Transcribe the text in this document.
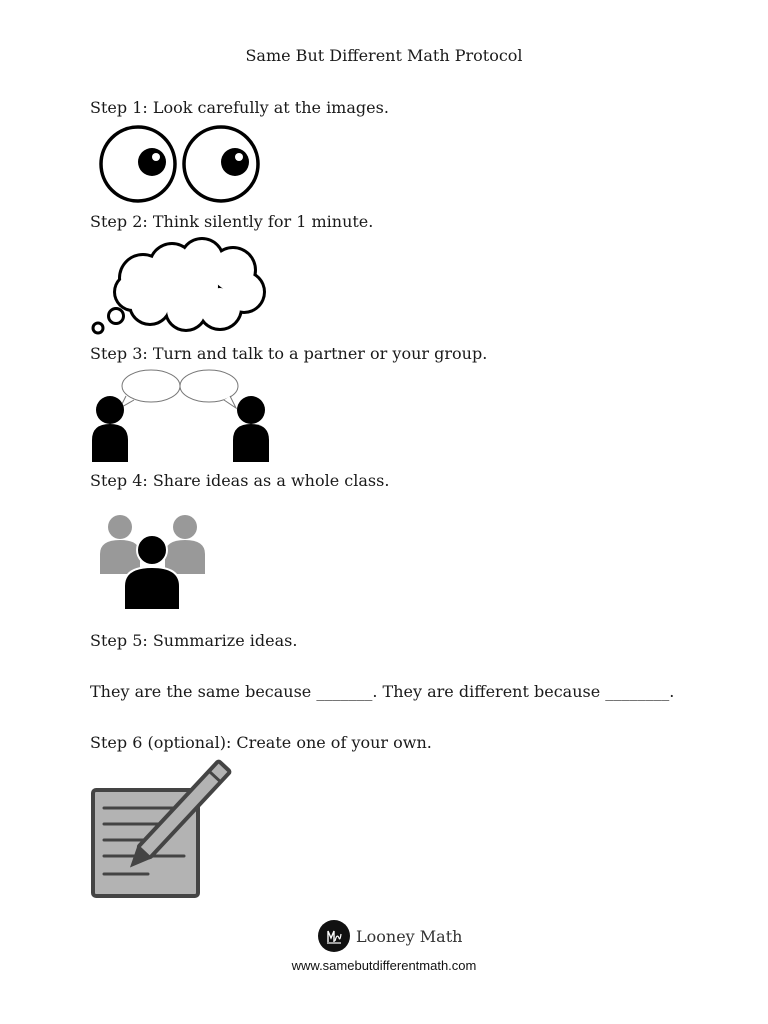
Same But Different Math Protocol
Step 1: Look carefully at the images.
Step 2: Think silently for 1 minute.
Step 3: Turn and talk to a partner or your group.
Step 4: Share ideas as a whole class.
Step 5: Summarize ideas.
They are the same because _______. They are different because ________.
Step 6 (optional): Create one of your own.
Looney Math
www.samebutdifferentmath.com
